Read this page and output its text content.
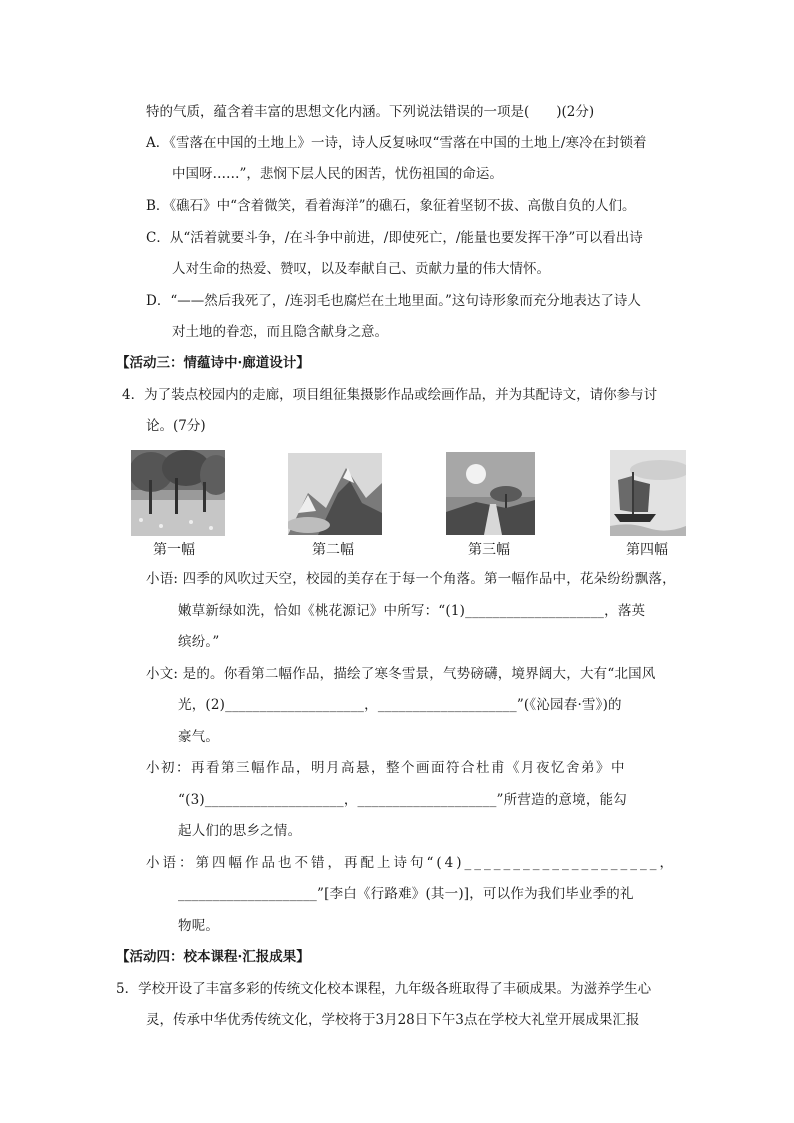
特的气质，蕴含着丰富的思想文化内涵。下列说法错误的一项是(　　)(2分)
A．《雪落在中国的土地上》一诗，诗人反复咏叹“雪落在中国的土地上/寒冷在封锁着
中国呀……”，悲悯下层人民的困苦，忧伤祖国的命运。
B．《礁石》中“含着微笑，看着海洋”的礁石，象征着坚韧不拔、高傲自负的人们。
C．从“活着就要斗争，/在斗争中前进，/即使死亡，/能量也要发挥干净”可以看出诗
人对生命的热爱、赞叹，以及奉献自己、贡献力量的伟大情怀。
D．“——然后我死了，/连羽毛也腐烂在土地里面。”这句诗形象而充分地表达了诗人
对土地的眷恋，而且隐含献身之意。
【活动三：情蕴诗中·廊道设计】
4．为了装点校园内的走廊，项目组征集摄影作品或绘画作品，并为其配诗文，请你参与讨
论。(7分)
第一幅	第二幅	第三幅	第四幅
小语: 四季的风吹过天空，校园的美存在于每一个角落。第一幅作品中，花朵纷纷飘落，
嫩草新绿如洗，恰如《桃花源记》中所写：“(1)____________________，落英
缤纷。”
小文: 是的。你看第二幅作品，描绘了寒冬雪景，气势磅礴，境界阔大，大有“北国风
光，(2)____________________，____________________”(《沁园春·雪》)的
豪气。
小初：再看第三幅作品，明月高悬，整个画面符合杜甫《月夜忆舍弟》中
“(3)____________________，____________________”所营造的意境，能勾
起人们的思乡之情。
小语：第四幅作品也不错，再配上诗句“(4)____________________，
____________________”[李白《行路难》(其一)]，可以作为我们毕业季的礼
物呢。
【活动四：校本课程·汇报成果】
5．学校开设了丰富多彩的传统文化校本课程，九年级各班取得了丰硕成果。为滋养学生心
灵，传承中华优秀传统文化，学校将于3月28日下午3点在学校大礼堂开展成果汇报
